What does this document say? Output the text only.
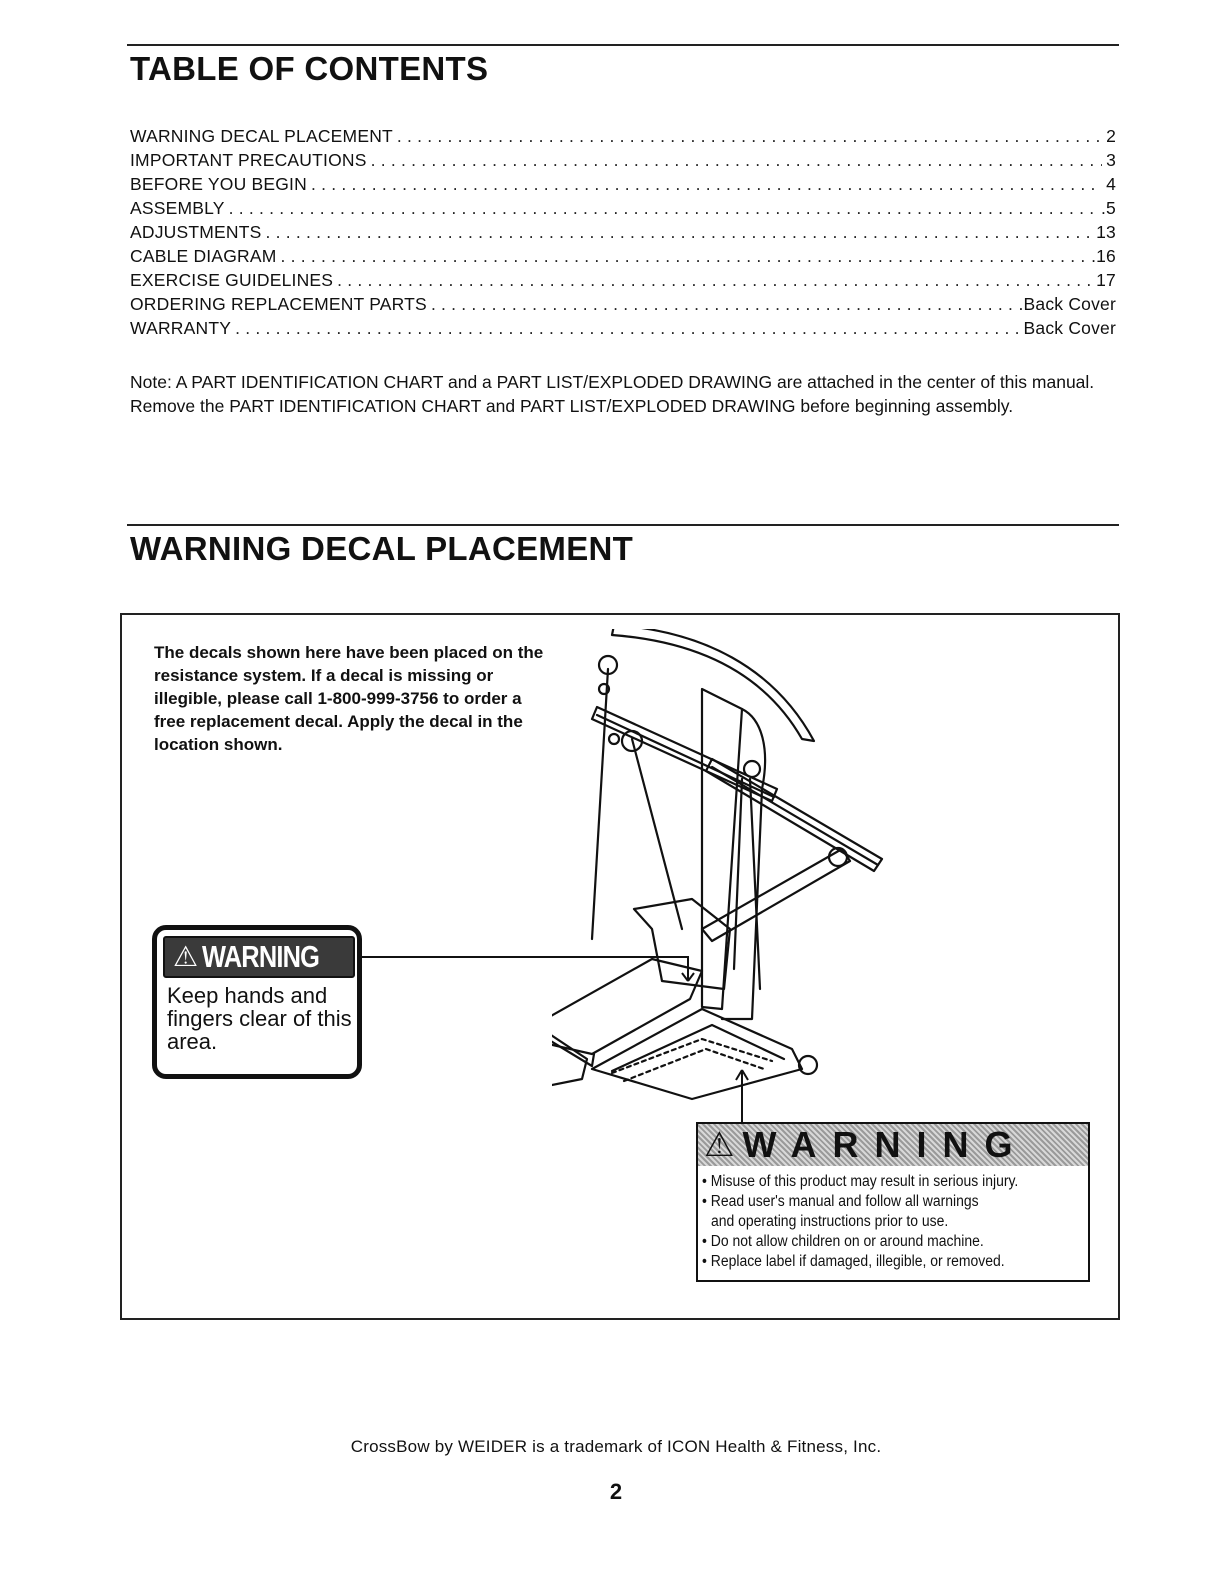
TABLE OF CONTENTS
WARNING DECAL PLACEMENT . . .	2
IMPORTANT PRECAUTIONS . . .	3
BEFORE YOU BEGIN . . .	4
ASSEMBLY . . .	.5
ADJUSTMENTS . . .	13
CABLE DIAGRAM . . .	.16
EXERCISE GUIDELINES . . .	17
ORDERING REPLACEMENT PARTS . . .	.Back Cover
WARRANTY . . .	Back Cover

Note: A PART IDENTIFICATION CHART and a PART LIST/EXPLODED DRAWING are attached in the center of this manual. Remove the PART IDENTIFICATION CHART and PART LIST/EXPLODED DRAWING before beginning assembly.

WARNING DECAL PLACEMENT

The decals shown here have been placed on the resistance system. If a decal is missing or illegible, please call 1-800-999-3756 to order a free replacement decal. Apply the decal in the location shown.

⚠ WARNING
Keep hands and fingers clear of this area.
⚠ WARNING
• Misuse of this product may result in serious injury.
• Read user's manual and follow all warnings
and operating instructions prior to use.
• Do not allow children on or around machine.
• Replace label if damaged, illegible, or removed.
CrossBow by WEIDER is a trademark of ICON Health & Fitness, Inc.
2
